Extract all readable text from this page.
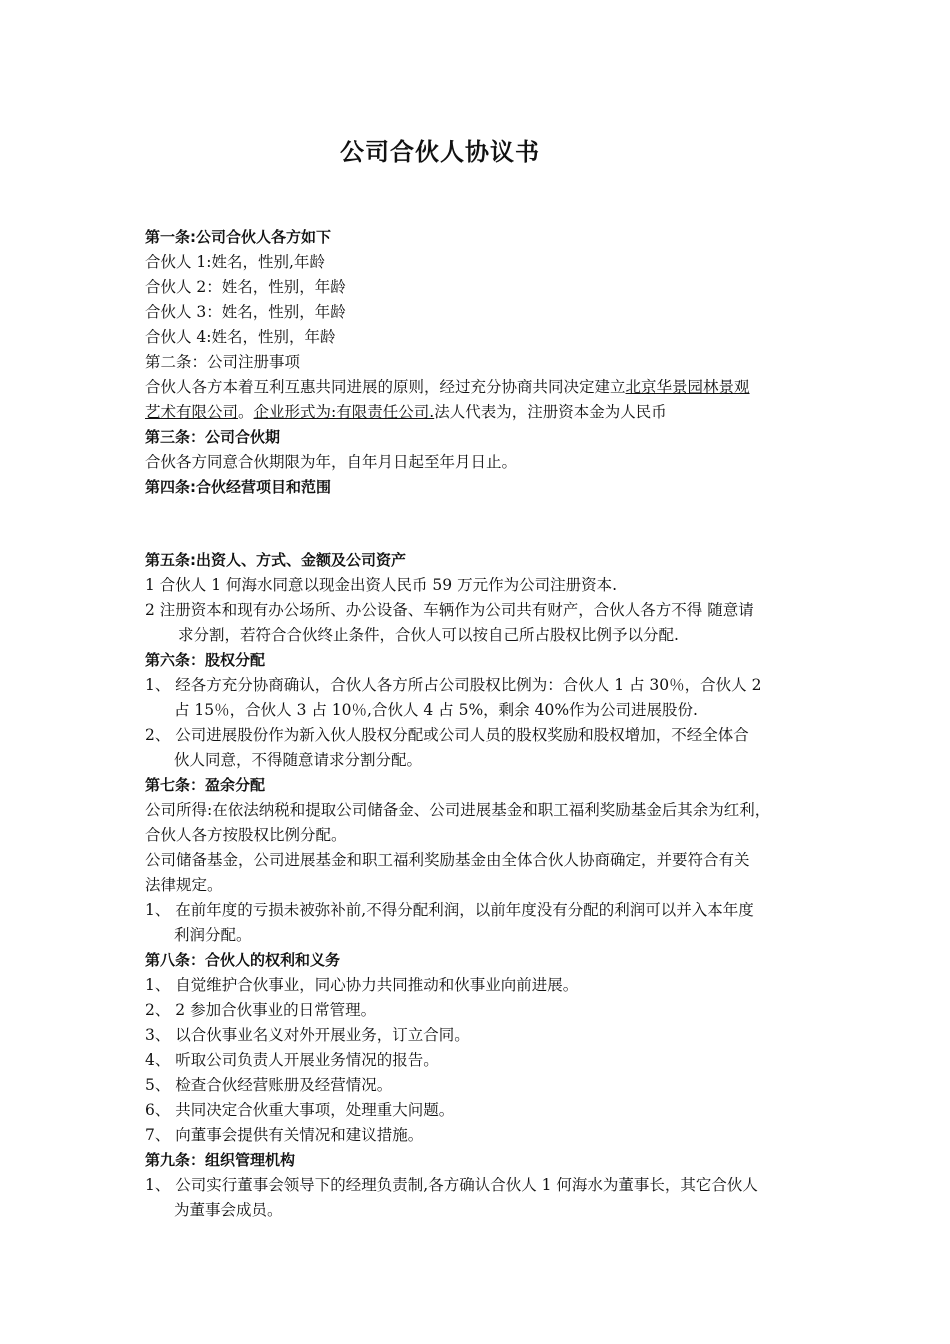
公司合伙人协议书
第一条:公司合伙人各方如下
合伙人 1:姓名，性别,年龄
合伙人 2：姓名，性别，年龄
合伙人 3：姓名，性别，年龄
合伙人 4:姓名，性别，年龄
第二条：公司注册事项
合伙人各方本着互利互惠共同进展的原则，经过充分协商共同决定建立北京华景园林景观
艺术有限公司。企业形式为:有限责任公司.法人代表为，注册资本金为人民币
第三条：公司合伙期
合伙各方同意合伙期限为年，自年月日起至年月日止。
第四条:合伙经营项目和范围
第五条:出资人、方式、金额及公司资产
1 合伙人 1 何海水同意以现金出资人民币 59 万元作为公司注册资本.
2 注册资本和现有办公场所、办公设备、车辆作为公司共有财产，合伙人各方不得 随意请
求分割，若符合合伙终止条件，合伙人可以按自己所占股权比例予以分配.
第六条：股权分配
1、 经各方充分协商确认，合伙人各方所占公司股权比例为：合伙人 1 占 30％，合伙人 2
占 15％，合伙人 3 占 10％,合伙人 4 占 5%，剩余 40%作为公司进展股份.
2、 公司进展股份作为新入伙人股权分配或公司人员的股权奖励和股权增加，不经全体合
伙人同意，不得随意请求分割分配。
第七条：盈余分配
公司所得:在依法纳税和提取公司储备金、公司进展基金和职工福利奖励基金后其余为红利，
合伙人各方按股权比例分配。
公司储备基金，公司进展基金和职工福利奖励基金由全体合伙人协商确定，并要符合有关
法律规定。
1、 在前年度的亏损未被弥补前,不得分配利润，以前年度没有分配的利润可以并入本年度
利润分配。
第八条：合伙人的权利和义务
1、 自觉维护合伙事业，同心协力共同推动和伙事业向前进展。
2、 2 参加合伙事业的日常管理。
3、 以合伙事业名义对外开展业务，订立合同。
4、 听取公司负责人开展业务情况的报告。
5、 检查合伙经营账册及经营情况。
6、 共同决定合伙重大事项，处理重大问题。
7、 向董事会提供有关情况和建议措施。
第九条：组织管理机构
1、 公司实行董事会领导下的经理负责制,各方确认合伙人 1 何海水为董事长，其它合伙人
为董事会成员。
